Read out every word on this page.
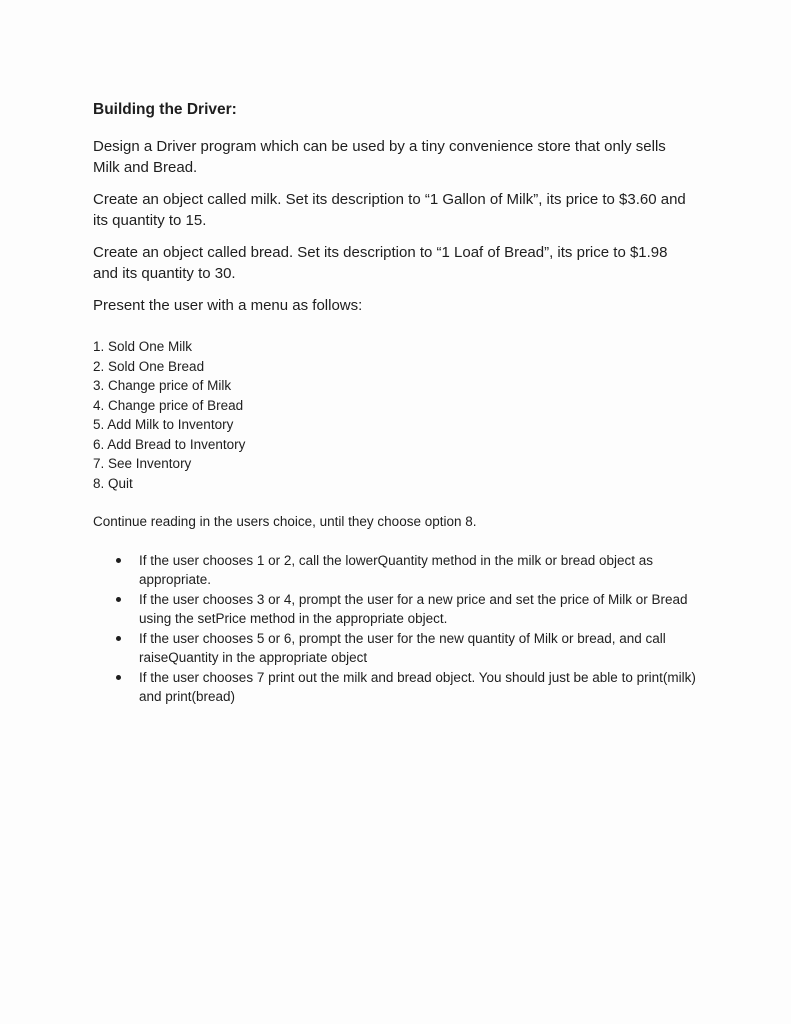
Building the Driver:

Design a Driver program which can be used by a tiny convenience store that only sells Milk and Bread.

Create an object called milk. Set its description to “1 Gallon of Milk”, its price to $3.60 and its quantity to 15.

Create an object called bread. Set its description to “1 Loaf of Bread”, its price to $1.98 and its quantity to 30.

Present the user with a menu as follows:

1. Sold One Milk
2. Sold One Bread
3. Change price of Milk
4. Change price of Bread
5. Add Milk to Inventory
6. Add Bread to Inventory
7. See Inventory
8. Quit

Continue reading in the users choice, until they choose option 8.

If the user chooses 1 or 2, call the lowerQuantity method in the milk or bread object as appropriate.
If the user chooses 3 or 4, prompt the user for a new price and set the price of Milk or Bread using the setPrice method in the appropriate object.
If the user chooses 5 or 6, prompt the user for the new quantity of Milk or bread, and call raiseQuantity in the appropriate object
If the user chooses 7 print out the milk and bread object. You should just be able to print(milk) and print(bread)
